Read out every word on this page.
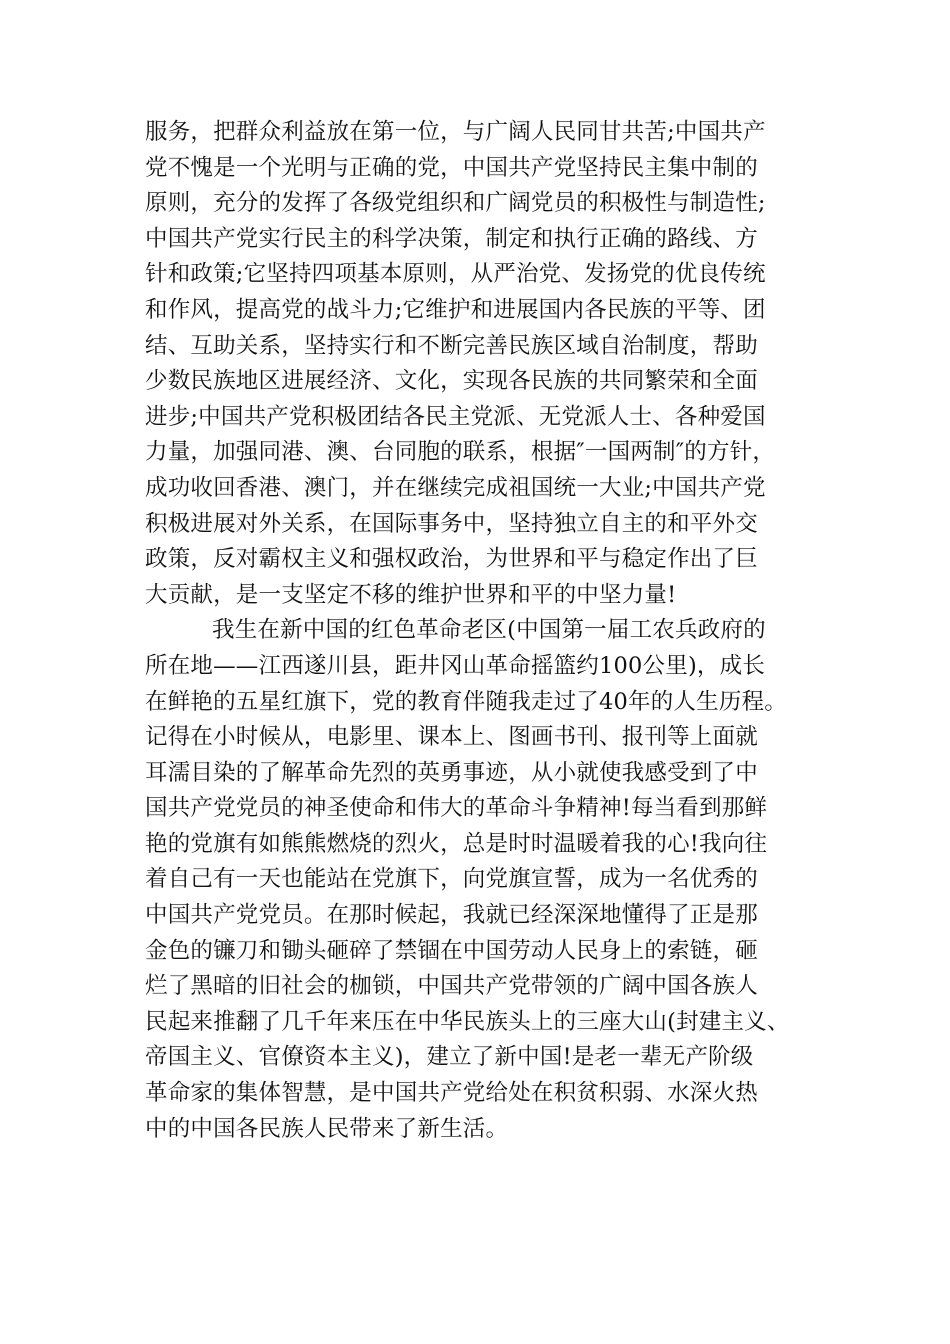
服务，把群众利益放在第一位，与广阔人民同甘共苦;中国共产
党不愧是一个光明与正确的党，中国共产党坚持民主集中制的
原则，充分的发挥了各级党组织和广阔党员的积极性与制造性;
中国共产党实行民主的科学决策，制定和执行正确的路线、方
针和政策;它坚持四项基本原则，从严治党、发扬党的优良传统
和作风，提高党的战斗力;它维护和进展国内各民族的平等、团
结、互助关系，坚持实行和不断完善民族区域自治制度，帮助
少数民族地区进展经济、文化，实现各民族的共同繁荣和全面
进步;中国共产党积极团结各民主党派、无党派人士、各种爱国
力量，加强同港、澳、台同胞的联系，根据″一国两制″的方针，
成功收回香港、澳门，并在继续完成祖国统一大业;中国共产党
积极进展对外关系，在国际事务中，坚持独立自主的和平外交
政策，反对霸权主义和强权政治，为世界和平与稳定作出了巨
大贡献，是一支坚定不移的维护世界和平的中坚力量!
我生在新中国的红色革命老区(中国第一届工农兵政府的
所在地——江西遂川县，距井冈山革命摇篮约100公里)，成长
在鲜艳的五星红旗下，党的教育伴随我走过了40年的人生历程。
记得在小时候从，电影里、课本上、图画书刊、报刊等上面就
耳濡目染的了解革命先烈的英勇事迹，从小就使我感受到了中
国共产党党员的神圣使命和伟大的革命斗争精神!每当看到那鲜
艳的党旗有如熊熊燃烧的烈火，总是时时温暖着我的心!我向往
着自己有一天也能站在党旗下，向党旗宣誓，成为一名优秀的
中国共产党党员。在那时候起，我就已经深深地懂得了正是那
金色的镰刀和锄头砸碎了禁锢在中国劳动人民身上的索链，砸
烂了黑暗的旧社会的枷锁，中国共产党带领的广阔中国各族人
民起来推翻了几千年来压在中华民族头上的三座大山(封建主义、
帝国主义、官僚资本主义)，建立了新中国!是老一辈无产阶级
革命家的集体智慧，是中国共产党给处在积贫积弱、水深火热
中的中国各民族人民带来了新生活。
